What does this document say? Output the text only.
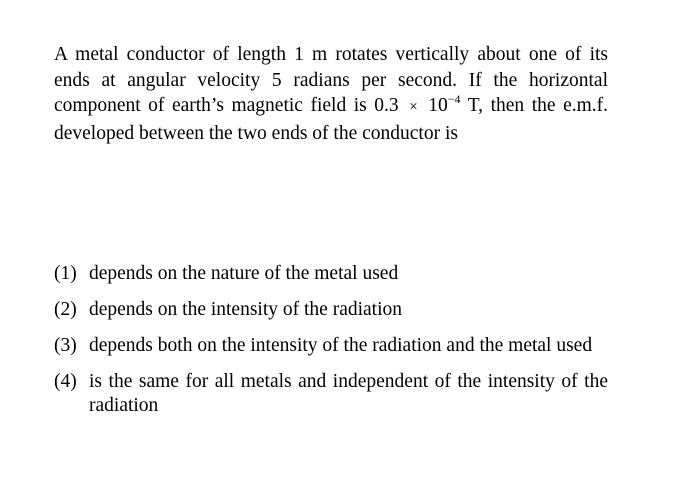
A metal conductor of length 1 m rotates vertically about one of its ends at angular velocity 5 radians per second. If the horizontal component of earth’s magnetic field is $0.3 \times 10^{-4}$ T, then the e.m.f. developed between the two ends of the conductor is
(1) depends on the nature of the metal used
(2) depends on the intensity of the radiation
(3) depends both on the intensity of the radiation and the metal used
(4) is the same for all metals and independent of the intensity of the radiation
